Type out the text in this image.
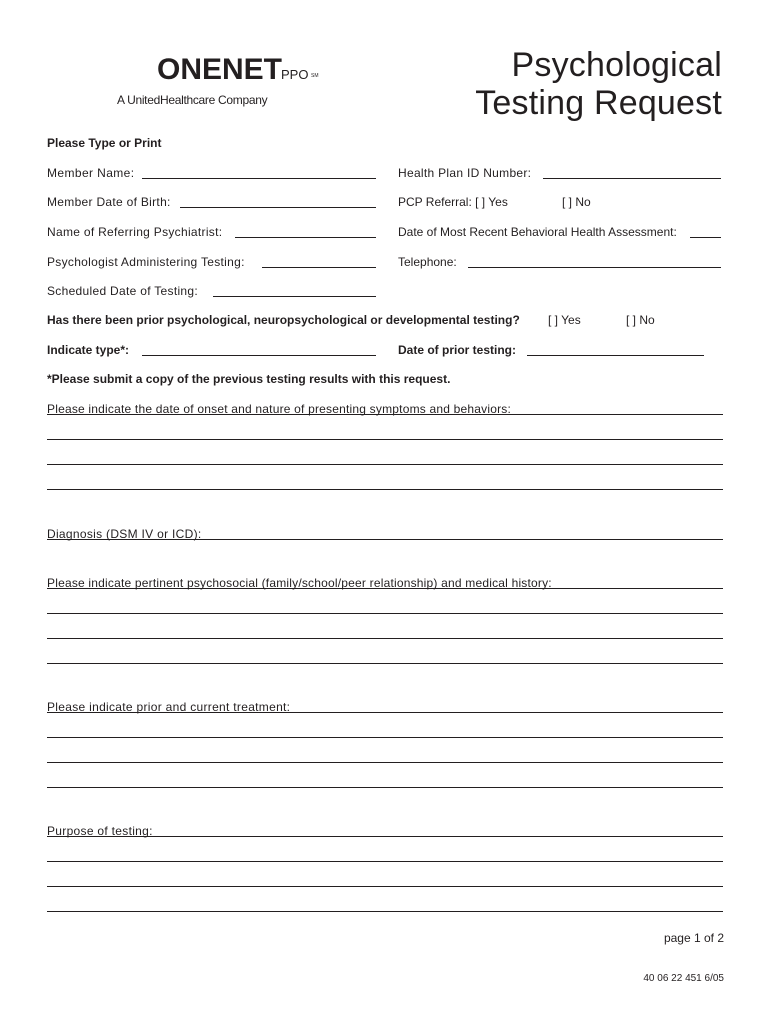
ONENET
PPO SM
A UnitedHealthcare Company
Psychological
Testing Request
Please Type or Print
Member Name:	Health Plan ID Number:
Member Date of Birth:	PCP Referral: [ ] Yes	[ ] No
Name of Referring Psychiatrist:	Date of Most Recent Behavioral Health Assessment:
Psychologist Administering Testing:	Telephone:
Scheduled Date of Testing:
Has there been prior psychological, neuropsychological or developmental testing? [ ] Yes	[ ] No
Indicate type*:	Date of prior testing:
*Please submit a copy of the previous testing results with this request.
Please indicate the date of onset and nature of presenting symptoms and behaviors:
Diagnosis (DSM IV or ICD):
Please indicate pertinent psychosocial (family/school/peer relationship) and medical history:
Please indicate prior and current treatment:
Purpose of testing:
page 1 of 2
40 06 22 451 6/05
